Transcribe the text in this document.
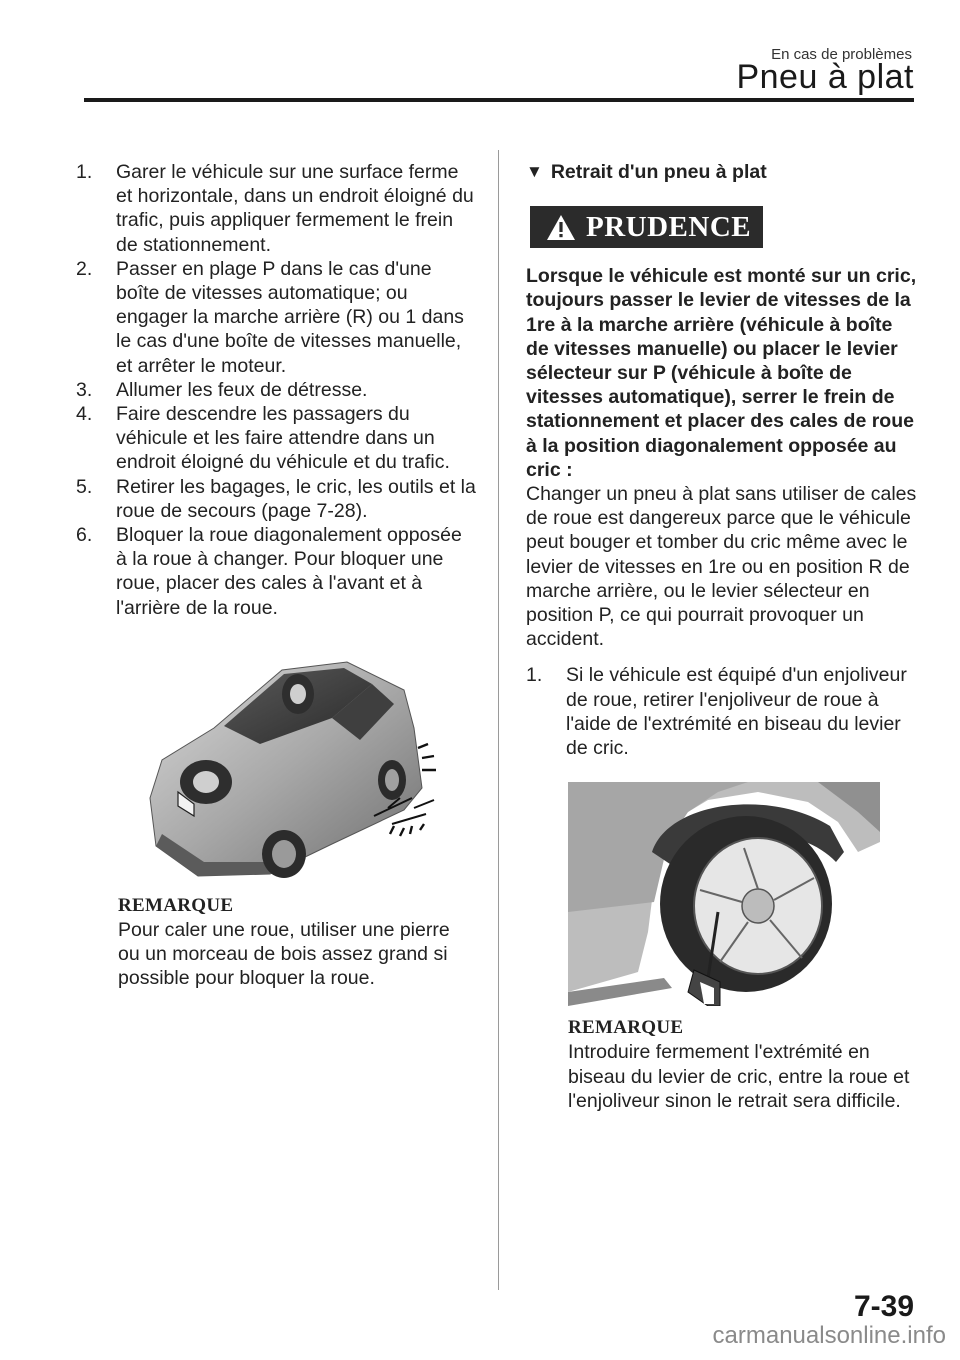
En cas de problèmes
Pneu à plat
1. Garer le véhicule sur une surface ferme et horizontale, dans un endroit éloigné du trafic, puis appliquer fermement le frein de stationnement.
2. Passer en plage P dans le cas d'une boîte de vitesses automatique; ou engager la marche arrière (R) ou 1 dans le cas d'une boîte de vitesses manuelle, et arrêter le moteur.
3. Allumer les feux de détresse.
4. Faire descendre les passagers du véhicule et les faire attendre dans un endroit éloigné du véhicule et du trafic.
5. Retirer les bagages, le cric, les outils et la roue de secours (page 7-28).
6. Bloquer la roue diagonalement opposée à la roue à changer. Pour bloquer une roue, placer des cales à l'avant et à l'arrière de la roue.
REMARQUE
Pour caler une roue, utiliser une pierre ou un morceau de bois assez grand si possible pour bloquer la roue.
▼ Retrait d'un pneu à plat
PRUDENCE
Lorsque le véhicule est monté sur un cric, toujours passer le levier de vitesses de la 1re à la marche arrière (véhicule à boîte de vitesses manuelle) ou placer le levier sélecteur sur P (véhicule à boîte de vitesses automatique), serrer le frein de stationnement et placer des cales de roue à la position diagonalement opposée au cric :
Changer un pneu à plat sans utiliser de cales de roue est dangereux parce que le véhicule peut bouger et tomber du cric même avec le levier de vitesses en 1re ou en position R de marche arrière, ou le levier sélecteur en position P, ce qui pourrait provoquer un accident.
1. Si le véhicule est équipé d'un enjoliveur de roue, retirer l'enjoliveur de roue à l'aide de l'extrémité en biseau du levier de cric.
REMARQUE
Introduire fermement l'extrémité en biseau du levier de cric, entre la roue et l'enjoliveur sinon le retrait sera difficile.
7-39
carmanualsonline.info
